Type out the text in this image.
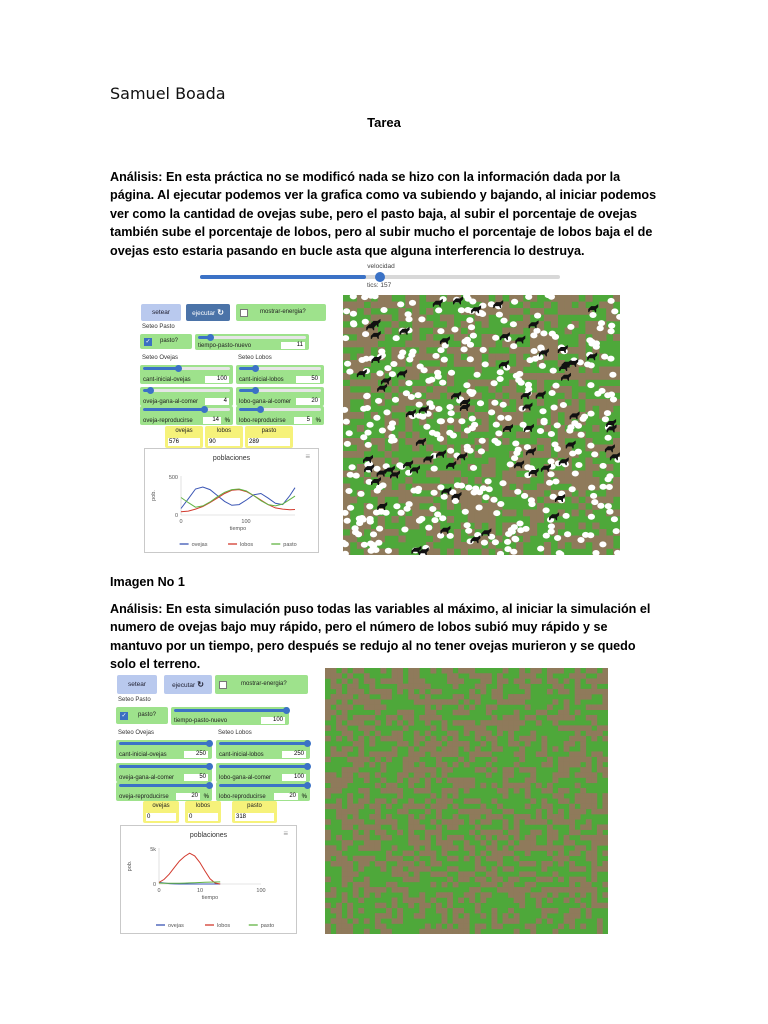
Samuel Boada
Tarea

Análisis: En esta práctica no se modificó nada se hizo con la información dada por la página. Al ejecutar podemos ver la grafica como va subiendo y bajando, al iniciar podemos ver como la cantidad de ovejas sube, pero el pasto baja, al subir el porcentaje de ovejas también sube el porcentaje de lobos, pero al subir mucho el porcentaje de lobos baja el de ovejas esto estaria pasando en bucle asta que alguna interferencia lo destruya.

velocidad
tics: 157
setear	ejecutar ↻	mostrar-energia?
Seteo Pasto
✓ pasto?
tiempo-pasto-nuevo	11
cant-inicial-ovejas	100	cant-inicial-lobos	50
oveja-gana-al-comer	4	lobo-gana-al-comer	20
oveja-reproducirse	14 % lobo-reproducirse	5 %
Seteo Ovejas	Seteo Lobos
ovejas
576
lobos
90
pasto
289
poblaciones
500
0
0	100
tiempo
pob.
ovejas	lobos	pasto
≡
Imagen No 1

Análisis: En esta simulación puso todas las variables al máximo, al iniciar la simulación el numero de ovejas bajo muy rápido, pero el número de lobos subió muy rápido y se mantuvo por un tiempo, pero después se redujo al no tener ovejas murieron y se quedo solo el terreno.

setear	ejecutar ↻	mostrar-energia?
Seteo Pasto
✓ pasto?
tiempo-pasto-nuevo	100
cant-inicial-ovejas	250	cant-inicial-lobos	250
oveja-gana-al-comer	50	lobo-gana-al-comer	100
oveja-reproducirse	20 % lobo-reproducirse	20 %
Seteo Ovejas	Seteo Lobos
ovejas
0
lobos
0
pasto
318
poblaciones
5k
0
0	10	100
tiempo
pob.
ovejas	lobos	pasto
≡
